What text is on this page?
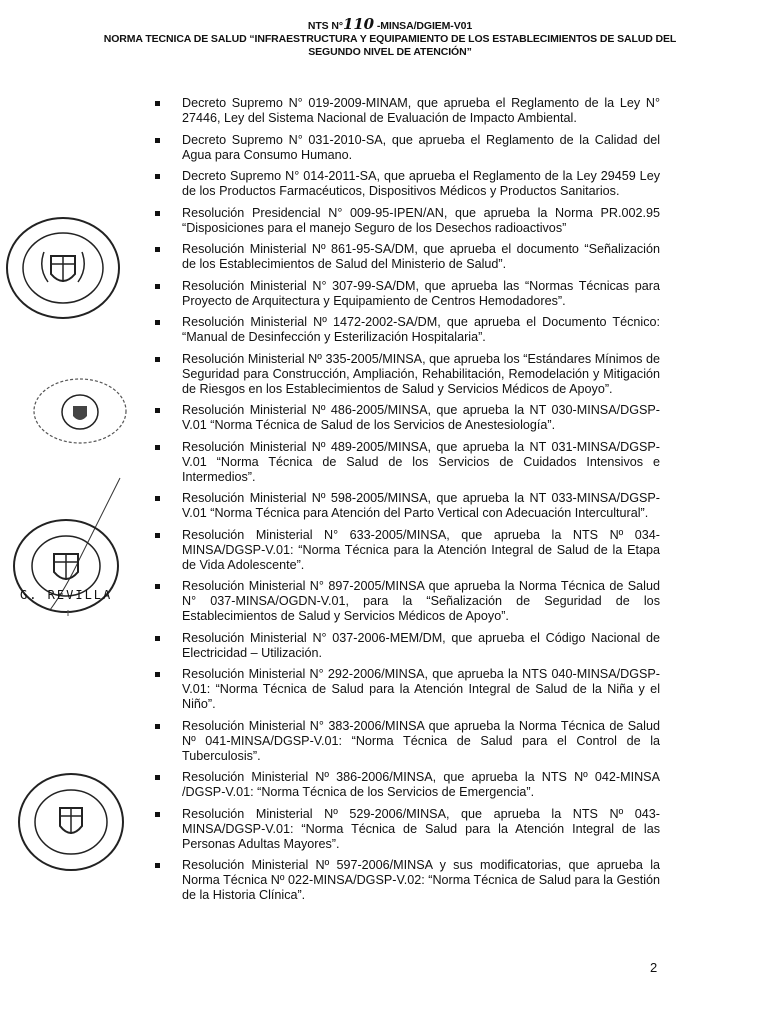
NTS N°110 -MINSA/DGIEM-V01
NORMA TECNICA DE SALUD “INFRAESTRUCTURA Y EQUIPAMIENTO DE LOS ESTABLECIMIENTOS DE SALUD DEL
SEGUNDO NIVEL DE ATENCIÓN”
Decreto Supremo N° 019-2009-MINAM, que aprueba el Reglamento de la Ley N° 27446, Ley del Sistema Nacional de Evaluación de Impacto Ambiental.
Decreto Supremo N° 031-2010-SA, que aprueba el Reglamento de la Calidad del Agua para Consumo Humano.
Decreto Supremo N° 014-2011-SA, que aprueba el Reglamento de la Ley 29459 Ley de los Productos Farmacéuticos, Dispositivos Médicos y Productos Sanitarios.
Resolución Presidencial N° 009-95-IPEN/AN, que aprueba la Norma PR.002.95 “Disposiciones para el manejo Seguro de los Desechos radioactivos”
Resolución Ministerial Nº 861-95-SA/DM, que aprueba el documento “Señalización de los Establecimientos de Salud del Ministerio de Salud”.
Resolución Ministerial N° 307-99-SA/DM, que aprueba las “Normas Técnicas para Proyecto de Arquitectura y Equipamiento de Centros Hemodadores”.
Resolución Ministerial Nº 1472-2002-SA/DM, que aprueba el Documento Técnico: “Manual de Desinfección y Esterilización Hospitalaria”.
Resolución Ministerial Nº 335-2005/MINSA, que aprueba los “Estándares Mínimos de Seguridad para Construcción, Ampliación, Rehabilitación, Remodelación y Mitigación de Riesgos en los Establecimientos de Salud y Servicios Médicos de Apoyo”.
Resolución Ministerial Nº 486-2005/MINSA, que aprueba la NT 030-MINSA/DGSP-V.01 “Norma Técnica de Salud de los Servicios de Anestesiología”.
Resolución Ministerial Nº 489-2005/MINSA, que aprueba la NT 031-MINSA/DGSP-V.01 “Norma Técnica de Salud de los Servicios de Cuidados Intensivos e Intermedios”.
Resolución Ministerial Nº 598-2005/MINSA, que aprueba la NT 033-MINSA/DGSP-V.01 “Norma Técnica para Atención del Parto Vertical con Adecuación Intercultural”.
Resolución Ministerial N° 633-2005/MINSA, que aprueba la NTS Nº 034-MINSA/DGSP-V.01: “Norma Técnica para la Atención Integral de Salud de la Etapa de Vida Adolescente”.
Resolución Ministerial N° 897-2005/MINSA que aprueba la Norma Técnica de Salud N° 037-MINSA/OGDN-V.01, para la “Señalización de Seguridad de los Establecimientos de Salud y Servicios Médicos de Apoyo”.
Resolución Ministerial N° 037-2006-MEM/DM, que aprueba el Código Nacional de Electricidad – Utilización.
Resolución Ministerial N° 292-2006/MINSA, que aprueba la NTS 040-MINSA/DGSP-V.01: “Norma Técnica de Salud para la Atención Integral de Salud de la Niña y el Niño”.
Resolución Ministerial N° 383-2006/MINSA que aprueba la Norma Técnica de Salud Nº 041-MINSA/DGSP-V.01: “Norma Técnica de Salud para el Control de la Tuberculosis”.
Resolución Ministerial Nº 386-2006/MINSA, que aprueba la NTS Nº 042-MINSA /DGSP-V.01: “Norma Técnica de los Servicios de Emergencia”.
Resolución Ministerial Nº 529-2006/MINSA, que aprueba la NTS Nº 043-MINSA/DGSP-V.01: “Norma Técnica de Salud para la Atención Integral de las Personas Adultas Mayores”.
Resolución Ministerial Nº 597-2006/MINSA y sus modificatorias, que aprueba la Norma Técnica Nº 022-MINSA/DGSP-V.02: “Norma Técnica de Salud para la Gestión de la Historia Clínica”.
G. REVILLA
2
